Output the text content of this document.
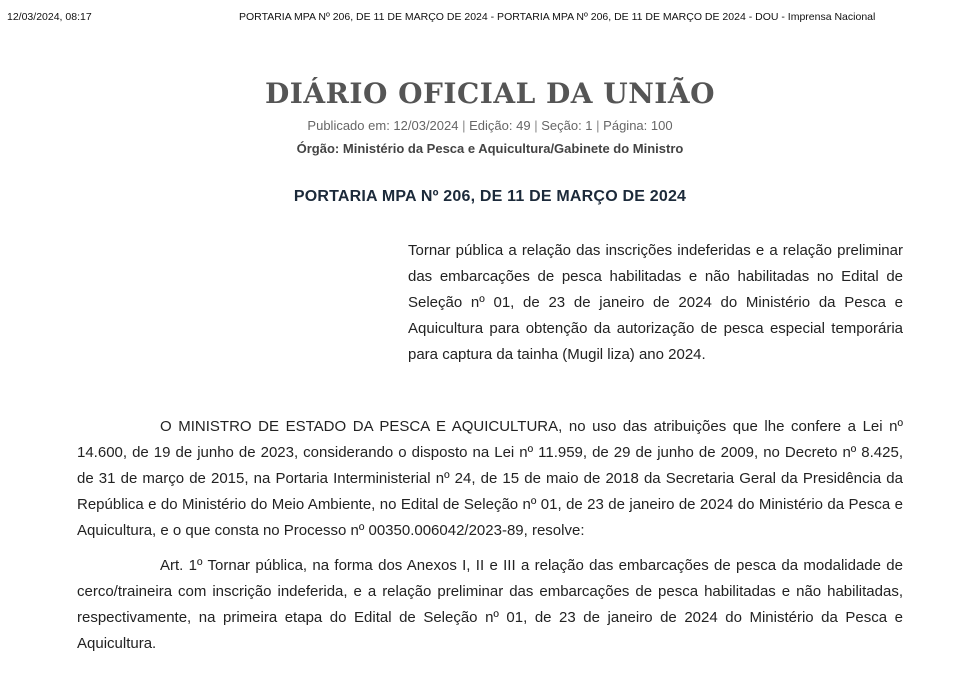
12/03/2024, 08:17	PORTARIA MPA Nº 206, DE 11 DE MARÇO DE 2024 - PORTARIA MPA Nº 206, DE 11 DE MARÇO DE 2024 - DOU - Imprensa Nacional
DIÁRIO OFICIAL DA UNIÃO
Publicado em: 12/03/2024 | Edição: 49 | Seção: 1 | Página: 100
Órgão: Ministério da Pesca e Aquicultura/Gabinete do Ministro
PORTARIA MPA Nº 206, DE 11 DE MARÇO DE 2024
Tornar pública a relação das inscrições indeferidas e a relação preliminar das embarcações de pesca habilitadas e não habilitadas no Edital de Seleção nº 01, de 23 de janeiro de 2024 do Ministério da Pesca e Aquicultura para obtenção da autorização de pesca especial temporária para captura da tainha (Mugil liza) ano 2024.

O MINISTRO DE ESTADO DA PESCA E AQUICULTURA, no uso das atribuições que lhe confere a Lei nº 14.600, de 19 de junho de 2023, considerando o disposto na Lei nº 11.959, de 29 de junho de 2009, no Decreto nº 8.425, de 31 de março de 2015, na Portaria Interministerial nº 24, de 15 de maio de 2018 da Secretaria Geral da Presidência da República e do Ministério do Meio Ambiente, no Edital de Seleção nº 01, de 23 de janeiro de 2024 do Ministério da Pesca e Aquicultura, e o que consta no Processo nº 00350.006042/2023-89, resolve:

Art. 1º Tornar pública, na forma dos Anexos I, II e III a relação das embarcações de pesca da modalidade de cerco/traineira com inscrição indeferida, e a relação preliminar das embarcações de pesca habilitadas e não habilitadas, respectivamente, na primeira etapa do Edital de Seleção nº 01, de 23 de janeiro de 2024 do Ministério da Pesca e Aquicultura.
